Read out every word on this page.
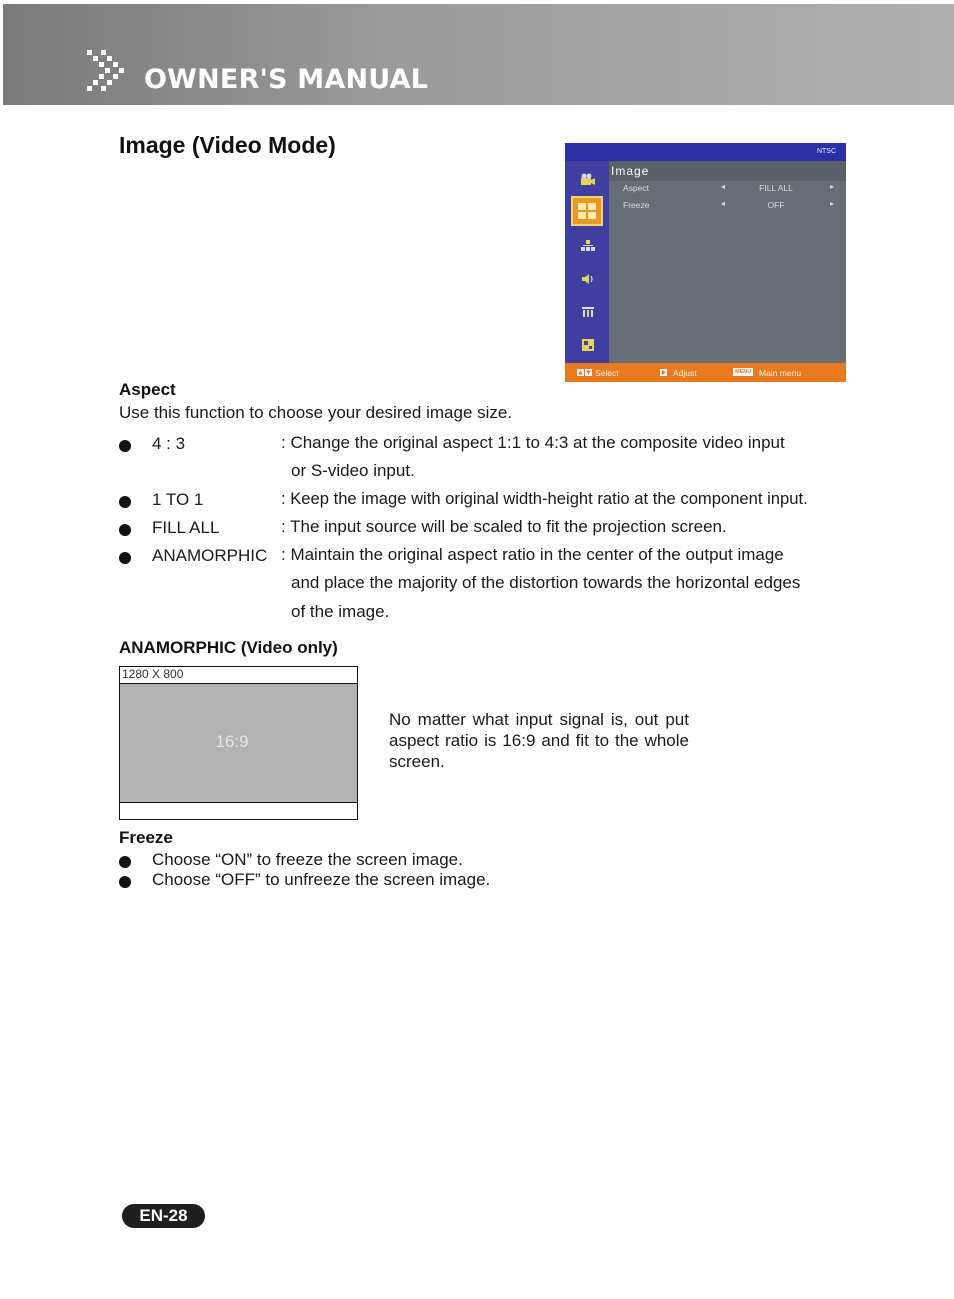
OWNER'S MANUAL
Image (Video Mode)	NTSC
Image
Aspect	◂	FILL ALL	▸
Freeze	◂	OFF	▸
Select	Adjust	MENU Main menu
Aspect
Use this function to choose your desired image size.
4 : 3	: Change the original aspect 1:1 to 4:3 at the composite video input
or S-video input.
1 TO 1	: Keep the image with original width-height ratio at the component input.
FILL ALL	: The input source will be scaled to fit the projection screen.
ANAMORPHIC : Maintain the original aspect ratio in the center of the output image
and place the majority of the distortion towards the horizontal edges
of the image.
ANAMORPHIC (Video only)
1280 X 800
16:9
No matter what input signal is, out put aspect ratio is 16:9 and fit to the whole screen.
Freeze
Choose “ON” to freeze the screen image.
Choose “OFF” to unfreeze the screen image.
EN-28
